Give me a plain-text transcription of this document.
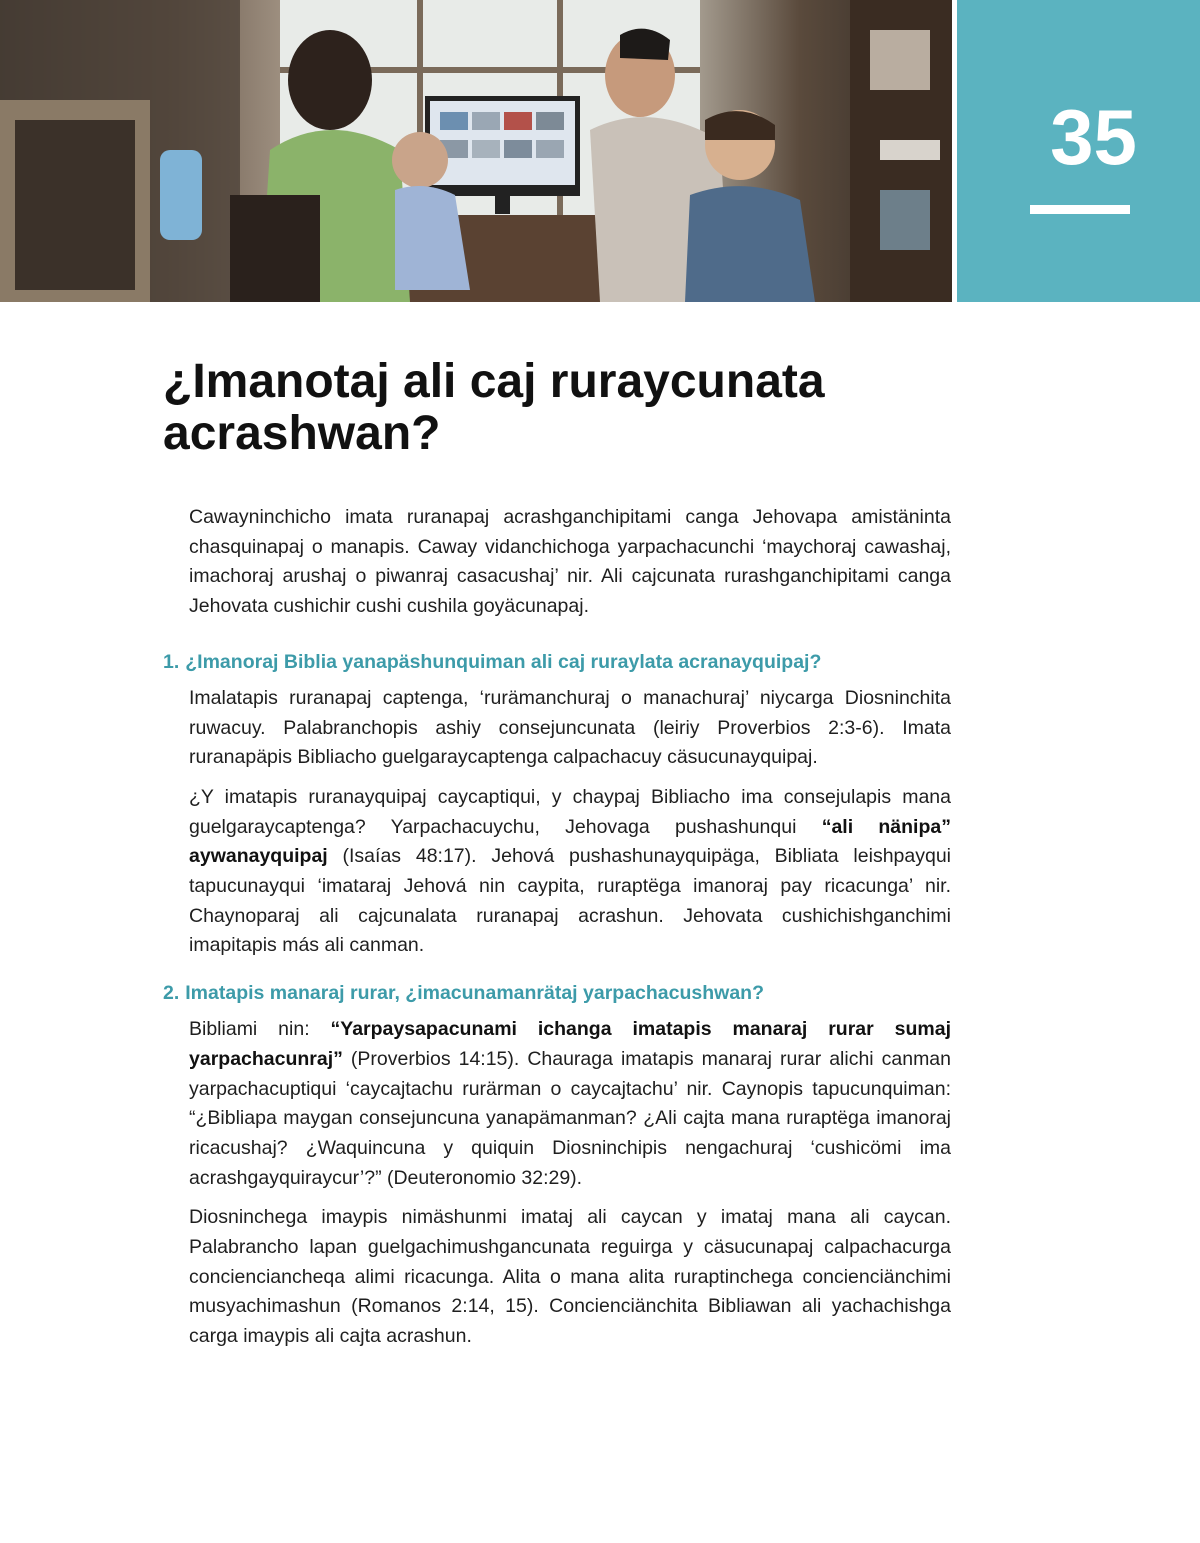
35
¿Imanotaj ali caj ruraycunata acrashwan?

Cawayninchicho imata ruranapaj acrashganchipitami canga Jehovapa amistäninta chasquinapaj o manapis. Caway vidanchichoga yarpachacunchi ‘maychoraj cawashaj, imachoraj arushaj o piwanraj casacushaj’ nir. Ali cajcunata rurashganchipitami canga Jehovata cushichir cushi cushila goyäcunapaj.

1. ¿Imanoraj Biblia yanapäshunquiman ali caj ruraylata acranayquipaj?

Imalatapis ruranapaj captenga, ‘rurämanchuraj o manachuraj’ niycarga Diosninchita ruwacuy. Palabranchopis ashiy consejuncunata (leiriy Proverbios 2:3-6). Imata ruranapäpis Bibliacho guelgaraycaptenga calpachacuy cäsucunayquipaj.

¿Y imatapis ruranayquipaj caycaptiqui, y chaypaj Bibliacho ima consejulapis mana guelgaraycaptenga? Yarpachacuychu, Jehovaga pushashunqui “ali nänipa” aywanayquipaj (Isaías 48:17). Jehová pushashunayquipäga, Bibliata leishpayqui tapucunayqui ‘imataraj Jehová nin caypita, ruraptëga imanoraj pay ricacunga’ nir. Chaynoparaj ali cajcunalata ruranapaj acrashun. Jehovata cushichishganchimi imapitapis más ali canman.

2. Imatapis manaraj rurar, ¿imacunamanrätaj yarpachacushwan?

Bibliami nin: “Yarpaysapacunami ichanga imatapis manaraj rurar sumaj yarpachacunraj” (Proverbios 14:15). Chauraga imatapis manaraj rurar alichi canman yarpachacuptiqui ‘caycajtachu rurärman o caycajtachu’ nir. Caynopis tapucunquiman: “¿Bibliapa maygan consejuncuna yanapämanman? ¿Ali cajta mana ruraptëga imanoraj ricacushaj? ¿Waquincuna y quiquin Diosninchipis nengachuraj ‘cushicömi ima acrashgayquiraycur’?” (Deuteronomio 32:29).

Diosninchega imaypis nimäshunmi imataj ali caycan y imataj mana ali caycan. Palabrancho lapan guelgachimushgancunata reguirga y cäsucunapaj calpachacurga concienciancheqa alimi ricacunga. Alita o mana alita ruraptinchega concienciänchimi musyachimashun (Romanos 2:14, 15). Concienciänchita Bibliawan ali yachachishga carga imaypis ali cajta acrashun.
